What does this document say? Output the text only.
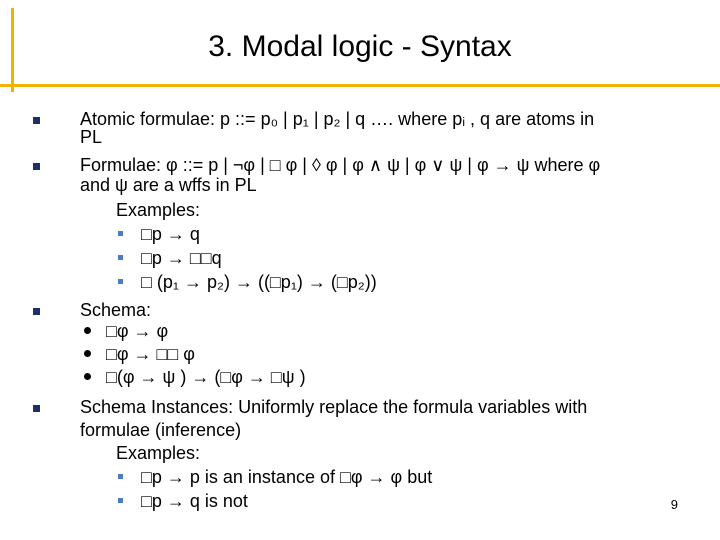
3. Modal logic - Syntax
Atomic formulae: p ::= p₀ | p₁ | p₂ | q …. where pᵢ , q are atoms in
PL
Formulae: φ ::= p | ¬φ | □ φ | ◊ φ | φ ∧ ψ | φ ∨ ψ | φ → ψ where φ
and ψ are a wffs in PL
Examples:
□p → q
□p → □□q
□ (p₁ → p₂) → ((□p₁) → (□p₂))
Schema:
□φ → φ
□φ → □□ φ
□(φ → ψ ) → (□φ → □ψ )
Schema Instances: Uniformly replace the formula variables with
formulae (inference)
Examples:
□p → p is an instance of □φ → φ but
□p → q is not	9
